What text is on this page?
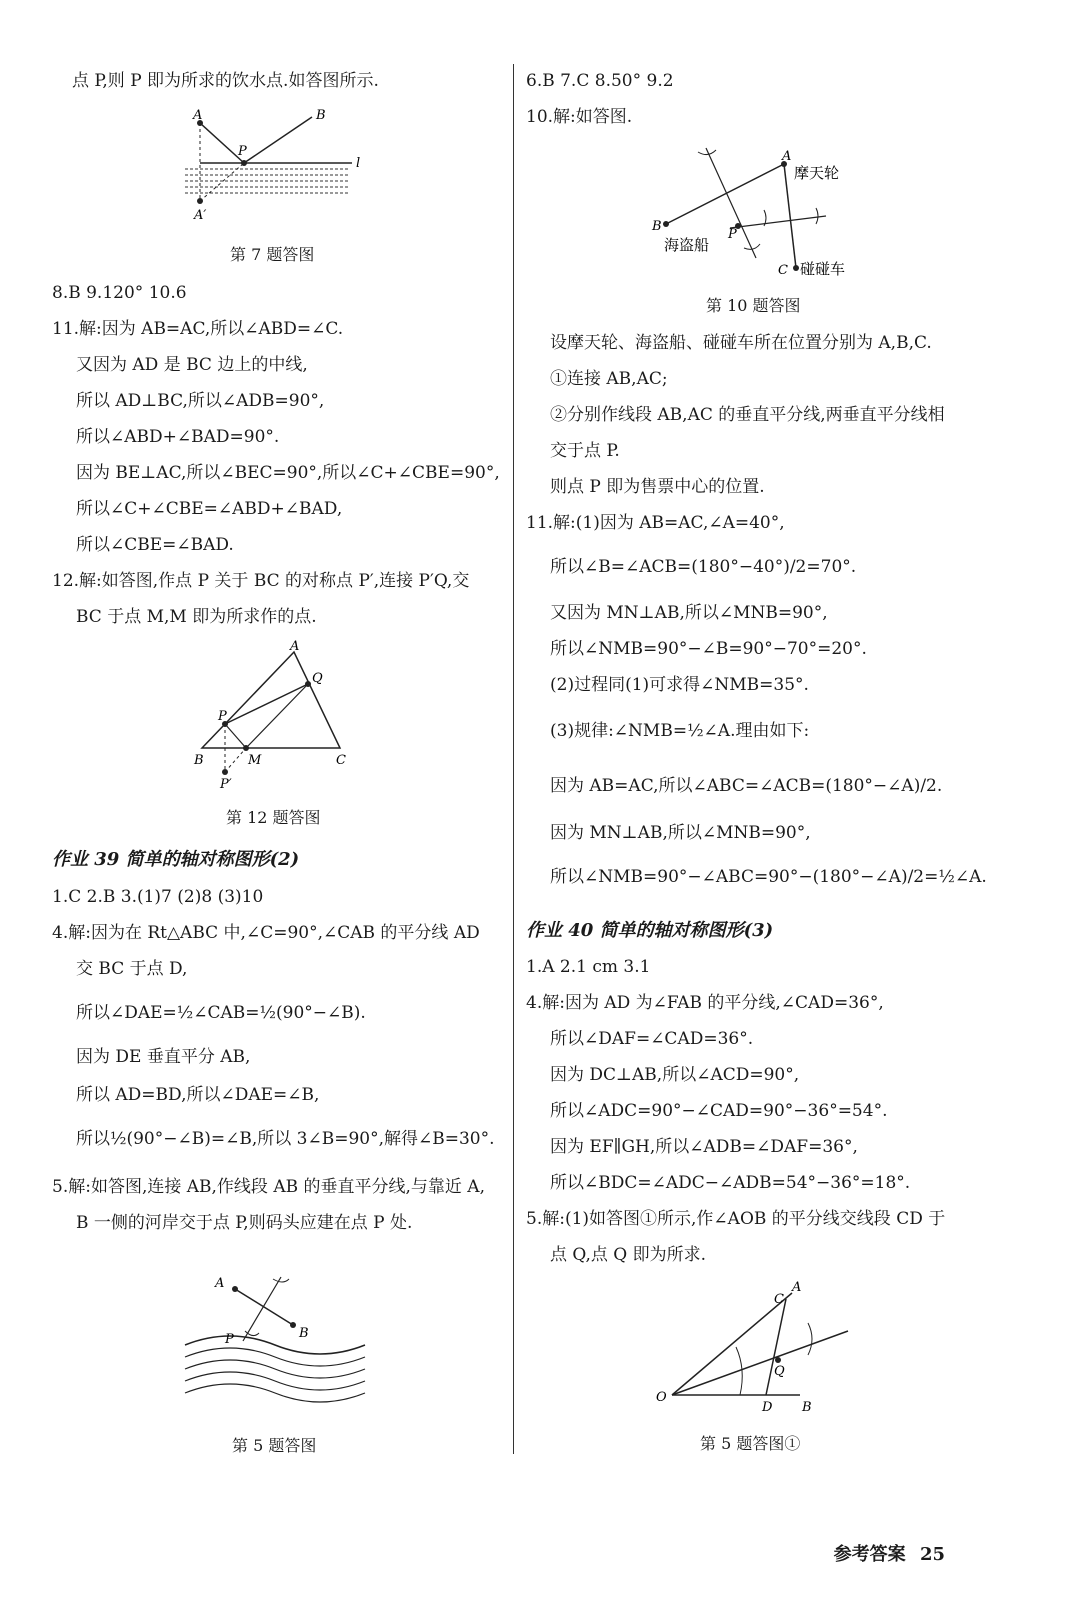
点 P,则 P 即为所求的饮水点.如答图所示.
A	B
P
l
A′
第 7 题答图
8.B 9.120° 10.6
11.解:因为 AB=AC,所以∠ABD=∠C.
又因为 AD 是 BC 边上的中线,
所以 AD⊥BC,所以∠ADB=90°,
所以∠ABD+∠BAD=90°.
因为 BE⊥AC,所以∠BEC=90°,所以∠C+∠CBE=90°,
所以∠C+∠CBE=∠ABD+∠BAD,
所以∠CBE=∠BAD.
12.解:如答图,作点 P 关于 BC 的对称点 P′,连接 P′Q,交
BC 于点 M,M 即为所求作的点.
A
B	C
P
Q
M
P′
第 12 题答图
作业 39 简单的轴对称图形(2)
1.C 2.B 3.(1)7 (2)8 (3)10
4.解:因为在 Rt△ABC 中,∠C=90°,∠CAB 的平分线 AD
交 BC 于点 D,
所以∠DAE=½∠CAB=½(90°−∠B).
因为 DE 垂直平分 AB,
所以 AD=BD,所以∠DAE=∠B,
所以½(90°−∠B)=∠B,所以 3∠B=90°,解得∠B=30°.
5.解:如答图,连接 AB,作线段 AB 的垂直平分线,与靠近 A,
B 一侧的河岸交于点 P,则码头应建在点 P 处.
A
B
P
第 5 题答图
6.B 7.C 8.50° 9.2
10.解:如答图.
A
摩天轮
B
海盗船
P
C 碰碰车
第 10 题答图
设摩天轮、海盗船、碰碰车所在位置分别为 A,B,C.
①连接 AB,AC;
②分别作线段 AB,AC 的垂直平分线,两垂直平分线相
交于点 P.
则点 P 即为售票中心的位置.
11.解:(1)因为 AB=AC,∠A=40°,
所以∠B=∠ACB=(180°−40°)/2=70°.
又因为 MN⊥AB,所以∠MNB=90°,
所以∠NMB=90°−∠B=90°−70°=20°.
(2)过程同(1)可求得∠NMB=35°.
(3)规律:∠NMB=½∠A.理由如下:
因为 AB=AC,所以∠ABC=∠ACB=(180°−∠A)/2.
因为 MN⊥AB,所以∠MNB=90°,
所以∠NMB=90°−∠ABC=90°−(180°−∠A)/2=½∠A.
作业 40 简单的轴对称图形(3)
1.A 2.1 cm 3.1
4.解:因为 AD 为∠FAB 的平分线,∠CAD=36°,
所以∠DAF=∠CAD=36°.
因为 DC⊥AB,所以∠ACD=90°,
所以∠ADC=90°−∠CAD=90°−36°=54°.
因为 EF∥GH,所以∠ADB=∠DAF=36°,
所以∠BDC=∠ADC−∠ADB=54°−36°=18°.
5.解:(1)如答图①所示,作∠AOB 的平分线交线段 CD 于
点 Q,点 Q 即为所求.
O
A
C
D B
Q
第 5 题答图①
参考答案 25
